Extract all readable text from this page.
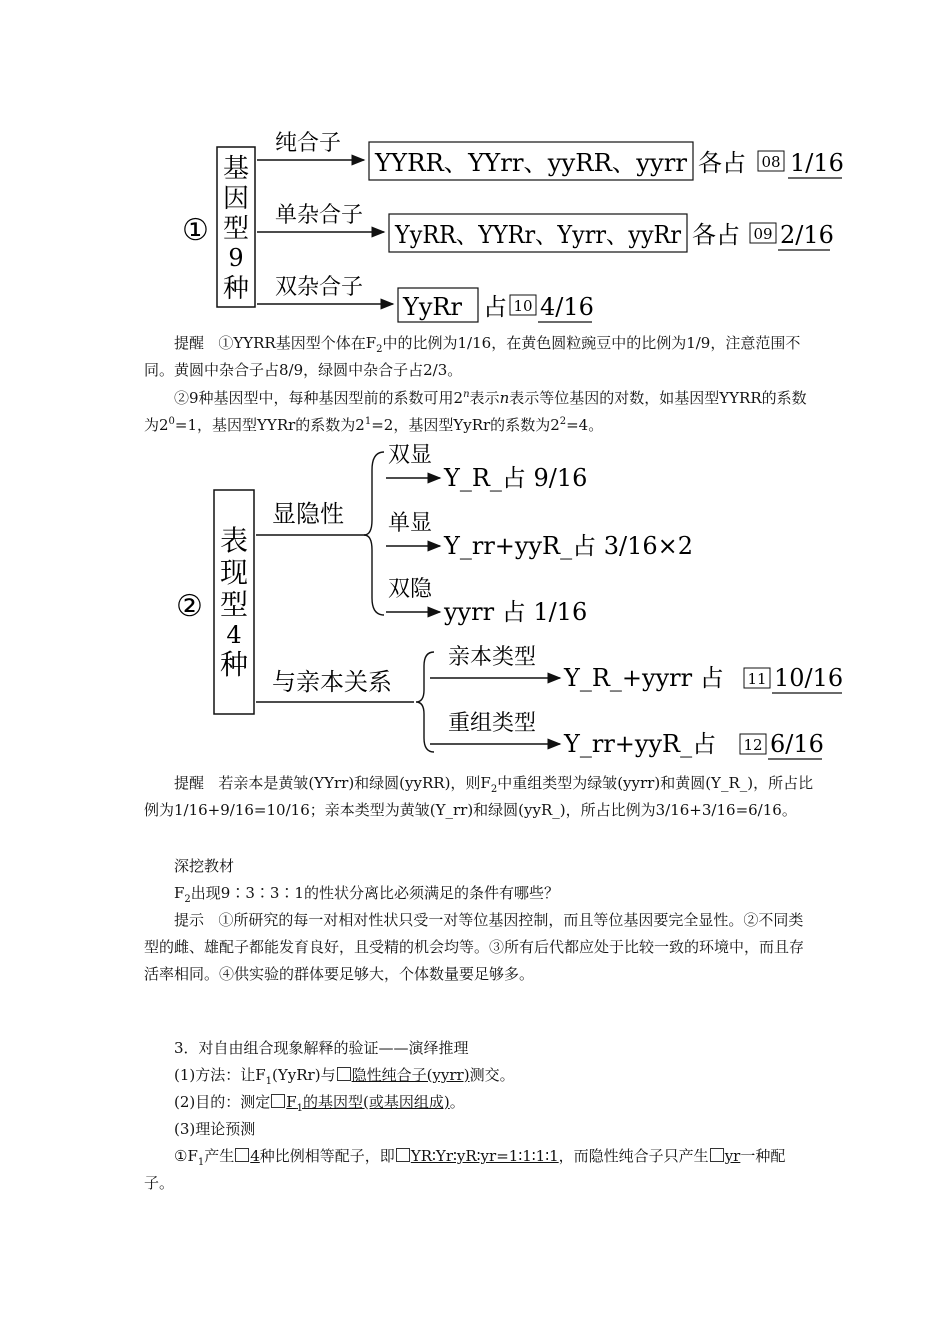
①
基
因
型
9
种
纯合子
YYRR、YYrr、yyRR、yyrr 各占 08 1/16
单杂合子
YyRR、YYRr、Yyrr、yyRr 各占 09 2/16
双杂合子
YyRr 占 10 4/16

提醒 ①YYRR基因型个体在$F_2$中的比例为1/16，在黄色圆粒豌豆中的比例为1/9，注意范围不同。黄圆中杂合子占8/9，绿圆中杂合子占2/3。

②9种基因型中，每种基因型前的系数可用2$^n$表示n表示等位基因的对数，如基因型YYRR的系数为$2^0=1$，基因型YYRr的系数为$2^1=2$，基因型YyRr的系数为$2^2=4$。

②
表
现
型
4
种
显隐性
双显
Y_R_占 9/16
单显
Y_rr+yyR_占 3/16×2
双隐
yyrr 占 1/16
与亲本关系
亲本类型
Y_R_+yyrr 占 11 10/16
重组类型
Y_rr+yyR_占 12 6/16

提醒 若亲本是黄皱(YYrr)和绿圆(yyRR)，则$F_2$中重组类型为绿皱(yyrr)和黄圆(Y_R_)，所占比例为1/16+9/16=10/16；亲本类型为黄皱(Y_rr)和绿圆(yyR_)，所占比例为3/16+3/16=6/16。

深挖教材

$F_2$出现9∶3∶3∶1的性状分离比必须满足的条件有哪些？

提示 ①所研究的每一对相对性状只受一对等位基因控制，而且等位基因要完全显性。②不同类型的雌、雄配子都能发育良好，且受精的机会均等。③所有后代都应处于比较一致的环境中，而且存活率相同。④供实验的群体要足够大，个体数量要足够多。

3．对自由组合现象解释的验证——演绎推理

(1)方法：让$F_1(YyRr)$与 隐性纯合子(yyrr)测交。

(2)目的：测定 $F_1$的基因型(或基因组成)。

(3)理论预测

$①F_1$产生 4种比例相等配子，即 YR∶Yr∶yR∶yr=1∶1∶1∶1，而隐性纯合子只产生 yr一种配子。
